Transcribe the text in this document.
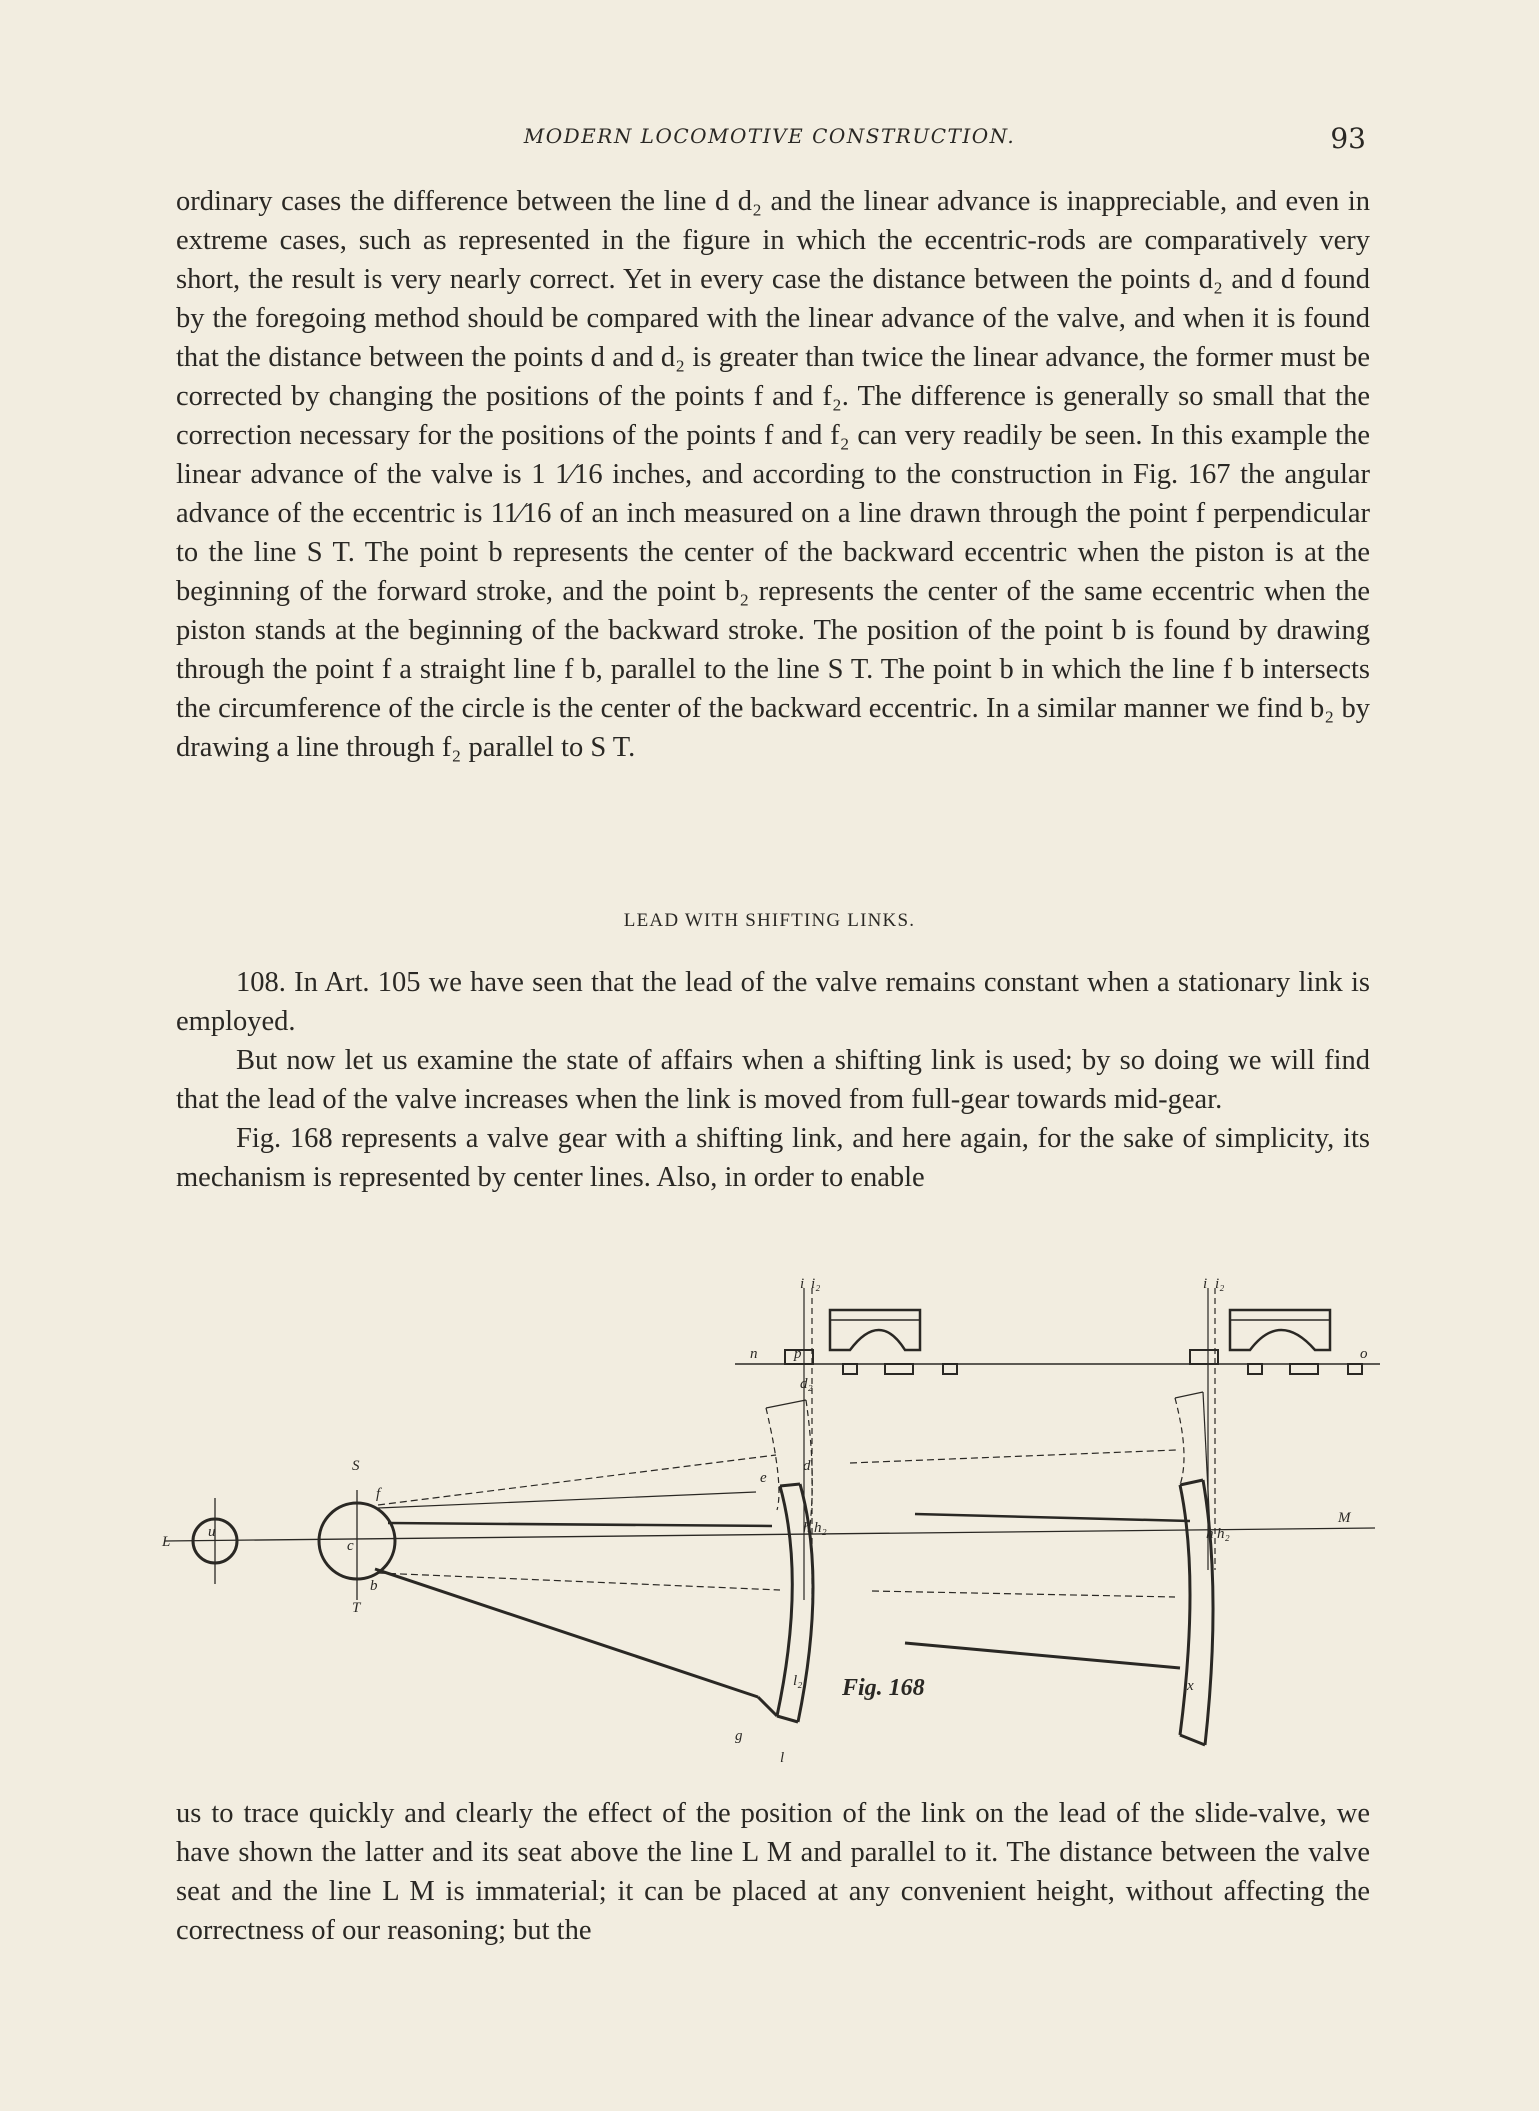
MODERN LOCOMOTIVE CONSTRUCTION.	93

ordinary cases the difference between the line d d₂ and the linear advance is inappreciable, and even in extreme cases, such as represented in the figure in which the eccentric-rods are comparatively very short, the result is very nearly correct. Yet in every case the distance between the points d₂ and d found by the foregoing method should be compared with the linear advance of the valve, and when it is found that the distance between the points d and d₂ is greater than twice the linear advance, the former must be corrected by changing the positions of the points f and f₂. The difference is generally so small that the correction necessary for the positions of the points f and f₂ can very readily be seen. In this example the linear advance of the valve is 1 1⁄16 inches, and according to the construction in Fig. 167 the angular advance of the eccentric is 11⁄16 of an inch measured on a line drawn through the point f perpendicular to the line S T. The point b represents the center of the backward eccentric when the piston is at the beginning of the forward stroke, and the point b₂ represents the center of the same eccentric when the piston stands at the beginning of the backward stroke. The position of the point b is found by drawing through the point f a straight line f b, parallel to the line S T. The point b in which the line f b intersects the circumference of the circle is the center of the backward eccentric. In a similar manner we find b₂ by drawing a line through f₂ parallel to S T.

LEAD WITH SHIFTING LINKS.

108. In Art. 105 we have seen that the lead of the valve remains constant when a stationary link is employed.

But now let us examine the state of affairs when a shifting link is used; by so doing we will find that the lead of the valve increases when the link is moved from full-gear towards mid-gear.

Fig. 168 represents a valve gear with a shifting link, and here again, for the sake of simplicity, its mechanism is represented by center lines. Also, in order to enable

L
u
S
T
c
f
b
n p
d₂
d
e
h h₂
l₂
g
l
i i₂	i i₂
o
M
h h₂
x
Fig. 168

us to trace quickly and clearly the effect of the position of the link on the lead of the slide-valve, we have shown the latter and its seat above the line L M and parallel to it. The distance between the valve seat and the line L M is immaterial; it can be placed at any convenient height, without affecting the correctness of our reasoning; but the
